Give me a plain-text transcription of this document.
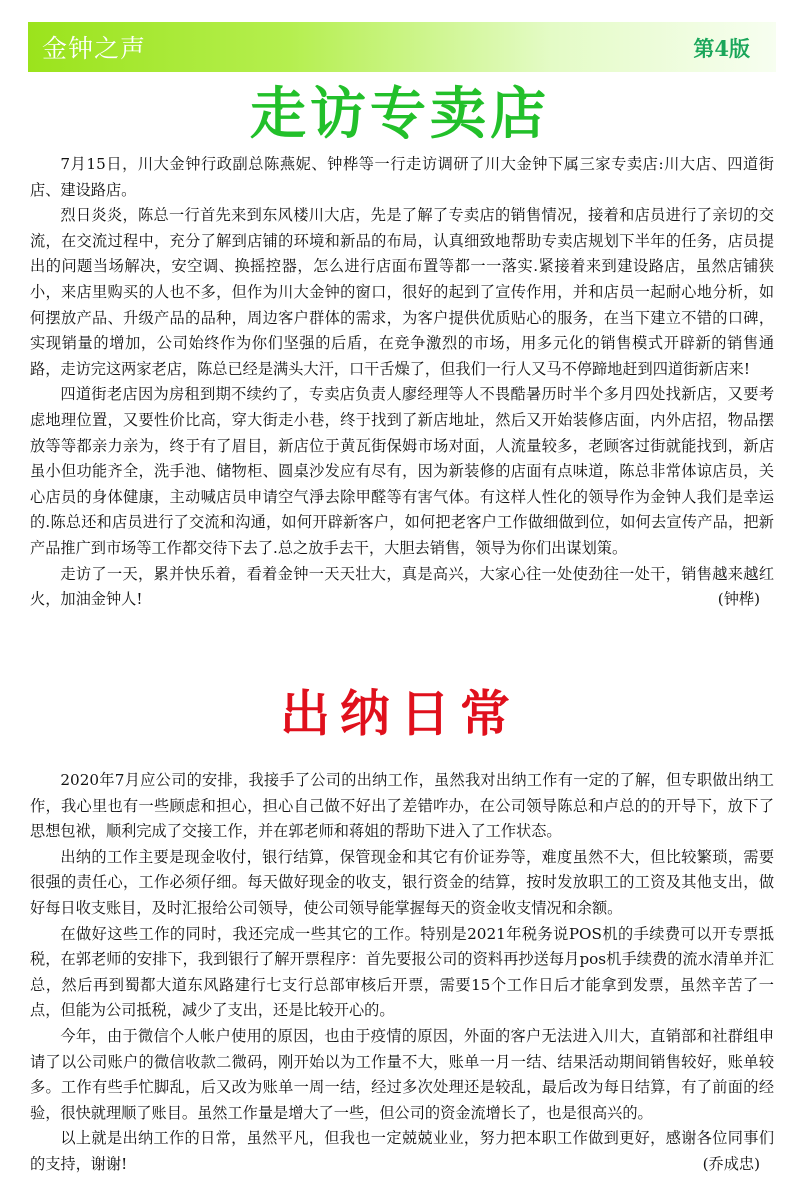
金钟之声	第4版
走访专卖店

7月15日，川大金钟行政副总陈燕妮、钟桦等一行走访调研了川大金钟下属三家专卖店:川大店、四道街店、建设路店。

烈日炎炎，陈总一行首先来到东风楼川大店，先是了解了专卖店的销售情况，接着和店员进行了亲切的交流，在交流过程中，充分了解到店铺的环境和新品的布局，认真细致地帮助专卖店规划下半年的任务，店员提出的问题当场解决，安空调、换摇控器，怎么进行店面布置等都一一落实.紧接着来到建设路店，虽然店铺狭小，来店里购买的人也不多，但作为川大金钟的窗口，很好的起到了宣传作用，并和店员一起耐心地分析，如何摆放产品、升级产品的品种，周边客户群体的需求，为客户提供优质贴心的服务，在当下建立不错的口碑，实现销量的增加，公司始终作为你们坚强的后盾，在竞争激烈的市场，用多元化的销售模式开辟新的销售通路，走访完这两家老店，陈总已经是满头大汗，口干舌燥了，但我们一行人又马不停蹄地赶到四道街新店来!

四道街老店因为房租到期不续约了，专卖店负责人廖经理等人不畏酷暑历时半个多月四处找新店，又要考虑地理位置，又要性价比高，穿大街走小巷，终于找到了新店地址，然后又开始装修店面，内外店招，物品摆放等等都亲力亲为，终于有了眉目，新店位于黄瓦街保姆市场对面，人流量较多，老顾客过街就能找到，新店虽小但功能齐全，洗手池、储物柜、圆桌沙发应有尽有，因为新装修的店面有点味道，陈总非常体谅店员，关心店员的身体健康，主动喊店员申请空气淨去除甲醛等有害气体。有这样人性化的领导作为金钟人我们是幸运的.陈总还和店员进行了交流和沟通，如何开辟新客户，如何把老客户工作做细做到位，如何去宣传产品，把新产品推广到市场等工作都交待下去了.总之放手去干，大胆去销售，领导为你们出谋划策。

走访了一天，累并快乐着，看着金钟一天天壮大，真是高兴，大家心往一处使劲往一处干，销售越来越红火，加油金钟人!	(钟桦)

出纳日常

2020年7月应公司的安排，我接手了公司的出纳工作，虽然我对出纳工作有一定的了解，但专职做出纳工作，我心里也有一些顾虑和担心，担心自己做不好出了差错咋办，在公司领导陈总和卢总的的开导下，放下了思想包袱，顺利完成了交接工作，并在郭老师和蒋姐的帮助下进入了工作状态。

出纳的工作主要是现金收付，银行结算，保管现金和其它有价证券等，难度虽然不大，但比较繁琐，需要很强的责任心，工作必须仔细。每天做好现金的收支，银行资金的结算，按时发放职工的工资及其他支出，做好每日收支账目，及时汇报给公司领导，使公司领导能掌握每天的资金收支情况和余额。

在做好这些工作的同时，我还完成一些其它的工作。特别是2021年税务说POS机的手续费可以开专票抵税，在郭老师的安排下，我到银行了解开票程序：首先要报公司的资料再抄送每月pos机手续费的流水清单并汇总，然后再到蜀都大道东风路建行七支行总部审核后开票，需要15个工作日后才能拿到发票，虽然辛苦了一点，但能为公司抵税，减少了支出，还是比较开心的。

今年，由于微信个人帐户使用的原因，也由于疫情的原因，外面的客户无法进入川大，直销部和社群组申请了以公司账户的微信收款二微码，刚开始以为工作量不大，账单一月一结、结果活动期间销售较好，账单较多。工作有些手忙脚乱，后又改为账单一周一结，经过多次处理还是较乱，最后改为每日结算，有了前面的经验，很快就理顺了账目。虽然工作量是增大了一些，但公司的资金流增长了，也是很高兴的。

以上就是出纳工作的日常，虽然平凡，但我也一定兢兢业业，努力把本职工作做到更好，感谢各位同事们的支持，谢谢!	(乔成忠)
